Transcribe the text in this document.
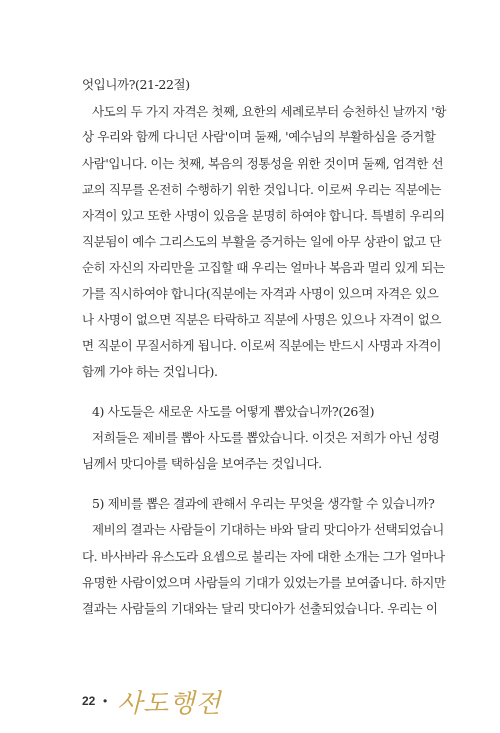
엇입니까?(21-22절)
사도의 두 가지 자격은 첫째, 요한의 세례로부터 승천하신 날까지 '항
상 우리와 함께 다니던 사람'이며 둘째, '예수님의 부활하심을 증거할
사람'입니다. 이는 첫째, 복음의 정통성을 위한 것이며 둘째, 엄격한 선
교의 직무를 온전히 수행하기 위한 것입니다. 이로써 우리는 직분에는
자격이 있고 또한 사명이 있음을 분명히 하여야 합니다. 특별히 우리의
직분됨이 예수 그리스도의 부활을 증거하는 일에 아무 상관이 없고 단
순히 자신의 자리만을 고집할 때 우리는 얼마나 복음과 멀리 있게 되는
가를 직시하여야 합니다(직분에는 자격과 사명이 있으며 자격은 있으
나 사명이 없으면 직분은 타락하고 직분에 사명은 있으나 자격이 없으
면 직분이 무질서하게 됩니다. 이로써 직분에는 반드시 사명과 자격이
함께 가야 하는 것입니다).
4) 사도들은 새로운 사도를 어떻게 뽑았습니까?(26절)
저희들은 제비를 뽑아 사도를 뽑았습니다. 이것은 저희가 아닌 성령
님께서 맛디아를 택하심을 보여주는 것입니다.
5) 제비를 뽑은 결과에 관해서 우리는 무엇을 생각할 수 있습니까?
제비의 결과는 사람들이 기대하는 바와 달리 맛디아가 선택되었습니
다. 바사바라 유스도라 요셉으로 불리는 자에 대한 소개는 그가 얼마나
유명한 사람이었으며 사람들의 기대가 있었는가를 보여줍니다. 하지만
결과는 사람들의 기대와는 달리 맛디아가 선출되었습니다. 우리는 이
22 • 사도행전
